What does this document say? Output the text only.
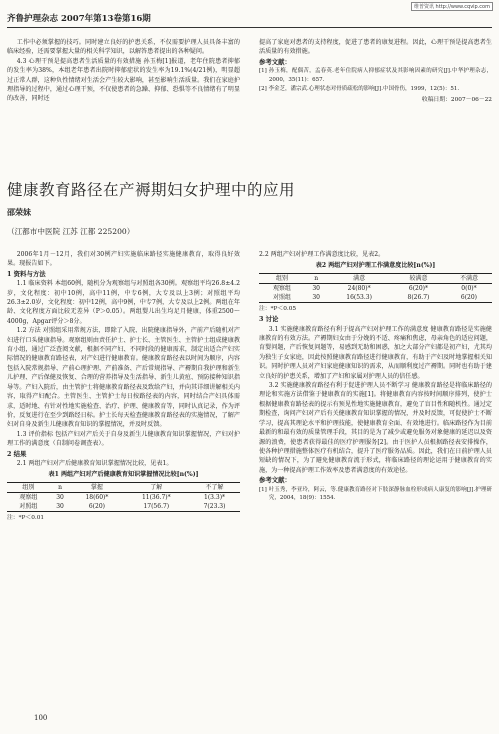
维普资讯 http://www.cqvip.com
齐鲁护理杂志 2007年第13卷第16期

工作中必须掌握的技巧。同时建立良好的护患关系，不仅需要护理人员具备丰富的临床经验，还需要掌握大量的相关科学知识，以解答患者提出的各种疑问。

4.3 心理干预是提高患者生活质量的有效措施 孙玉梅[1]报道，老年住院患者抑郁的发生率为38%，本组老年患者出院时抑郁症状的发生率为19.1%(4/21例)，明显超过正常人群，这种负性情绪对生活会产生较大影响，甚至影响生活质量。我们在家庭护理指导的过程中，通过心理干预，不仅使患者的急躁、抑郁、恐惧等不良情绪有了明显的改善，同时还

提高了家庭对患者的支持程度，促进了患者的康复进程。因此，心理干预是提高患者生活质量的有效措施。

参考文献：
[1] 孙玉梅，配偶苦，孟春英.老年住院病人抑郁症状及其影响因素的研究[J].中华护理杂志，2000，35(11)：657.
[2] 李金芝，潘宗武.心理状态对骨质疏松的影响[J].中国骨伤，1999，12(5)：51.
收稿日期：2007－06－22
健康教育路径在产褥期妇女护理中的应用
邵荣妹
（江都市中医院 江苏 江都 225200）

2006年1月－12月，我们对30例产妇实施临床路径实施健康教育，取得良好效果。现报告如下。

1 资料与方法

1.1 临床资料 本组60例，随机分为观察组与对照组各30例。观察组平均26.8±4.2岁，文化程度：初中10例，高中11例，中专6例，大专及以上3例；对照组平均26.3±2.0岁，文化程度：初中12例，高中9例，中专7例，大专及以上2例。两组在年龄、文化程度方面比较无差异（P＞0.05）。两组婴儿出生均足月健康，体重2500～4000g，Apgar评分＞8分。

1.2 方法 对照组采用常规方法，即除了入院、出院健康指导外，产前产后随机对产妇进行口头健康指导。观察组则由责任护士、护士长、主管医生、主管护士组成健康教育小组，通过广泛查阅文献，根据不同产妇、不同时段的健康需求，制定出适合产妇实际情况的健康教育路径表，对产妇进行健康教育。健康教育路径表以时间为顺序，内容包括入院常规指导、产前心理护理、产前准备、产后常规指导、产褥期自我护理和新生儿护理、产后保健及恢复、合理的营养指导及生活指导、新生儿黄疸、预防接种知识指导等。产妇入院后，由主管护士将健康教育路径表及致给产妇，并向其详细讲解相关内容，取得产妇配合。主管医生、主管护士每日按路径表的内容，同时结合产妇具体需求，适时地、有针对性地实施检查、治疗、护理、健康教育等，同时认真记录，作为评价，反复进行在至少到路经日标。护士长每天检查健康教育路径表的实施情况，了解产妇对自身及新生儿健康教育知识的掌握情况，并及时反馈。

1.3 评价指标 包括产妇对产后关于自身及新生儿健康教育知识掌握情况，产妇对护理工作的满意度（自制问卷调查表）。

2 结果

2.1 两组产妇对产后健康教育知识掌握情况比较，见表1。

表1 两组产妇对产后健康教育知识掌握情况比较[n(%)]
组别	n	掌握	了解	不了解
观察组	30	18(60)*	11(36.7)*	1(3.3)*
对照组	30	6(20)	17(56.7)	7(23.3)
注：*P＜0.01

2.2 两组产妇对护理工作满意度比较，见表2。

表2 两组产妇对护理工作满意度比较[n(%)]
组别	n	满意	较满意	不满意
观察组	30	24(80)*	6(20)*	0(0)*
对照组	30	16(53.3)	8(26.7)	6(20)
注：*P＜0.05
3 讨论

3.1 实施健康教育路径有利于提高产妇对护理工作的满意度 健康教育路径是实施健康教育的有效方法。产褥期妇女由于分娩的不适、疼痛和焦虑，母亲角色的适应问题，育婴问题，产后恢复问题等，易感到无助和困惑，加之大部分产妇都是初产妇，尤其均为独生子女家庭，因此按照健康教育路径进行健康教育，有助于产妇及时地掌握相关知识。同时护理人员对产妇家庭健康知识的需求，从而顺利度过产褥期。同时也有助于建立良好的护患关系，增加了产妇和家属对护理人员的信任感。

3.2 实施健康教育路径有利于促进护理人员不断学习 健康教育路径是将临床路径的理论和实施方法借鉴于健康教育的实施[1]。将健康教育内容按时间顺序排列，使护士根据健康教育路径表的提示有预见性地实施健康教育，避免了盲目性和随机性。通过定期检查，询问产妇对产后有关健康教育知识掌握的情况，并及时反馈，可促使护士不断学习，提高其理论水平和护理技能，使健康教育全面、有效地进行。临床路径作为目前最新的和最有效的质量管理手段，其目的是为了减少或避免服务对象健康的延迟以及资源的浪费，使患者获得最佳的医疗护理服务[2]。由于医护人员根据路径表安排操作，使各种护理措施整体医疗有机结合，提升了医疗服务品质。因此，我们在日前护理人员短缺的情况下，为了避免健康教育流于形式，将临床路径的理论运用于健康教育的实施，为一种提高护理工作效率及患者满意度的有效途径。

参考文献：
[1] 叶玉秀，李亚玲，阿云，等.健康教育路径对下肢深静脉血栓形成病人康复的影响[J].护理研究，2004，18(9)：1554.
100
